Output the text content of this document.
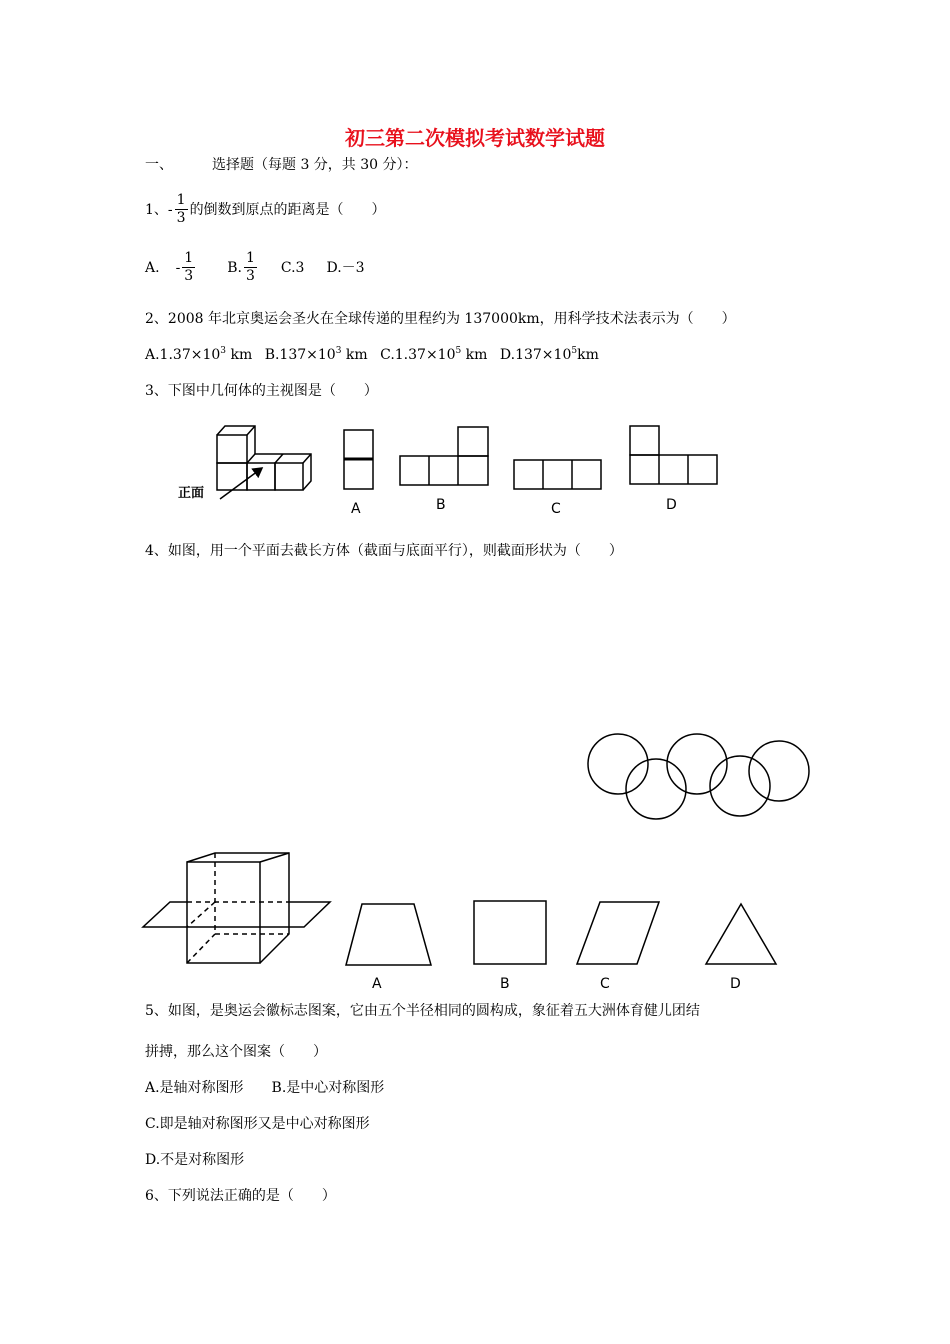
初三第二次模拟考试数学试题
一、	选择题（每题 3 分，共 30 分）：
1、- $\frac{1}{3}$ 的倒数到原点的距离是（　　）
A. - $\frac{1}{3} B$. $\frac{1}{3} C.3$ D.－3
2、2008 年北京奥运会圣火在全球传递的里程约为 137000km，用科学技术法表示为（　　）
$A.1.37\times 10^3$ km $B.137\times 10^3$ km $C.1.37\times 10^5$ km $D.137\times 10^5km$
3、下图中几何体的主视图是（　　）
正面
A	B	C	D
A	B	C	D
4、如图，用一个平面去截长方体（截面与底面平行），则截面形状为（　　）
5、如图，是奥运会徽标志图案，它由五个半径相同的圆构成，象征着五大洲体育健儿团结
拼搏，那么这个图案（　　）
A.是轴对称图形　　B.是中心对称图形
C.即是轴对称图形又是中心对称图形
D.不是对称图形
6、下列说法正确的是（　　）
